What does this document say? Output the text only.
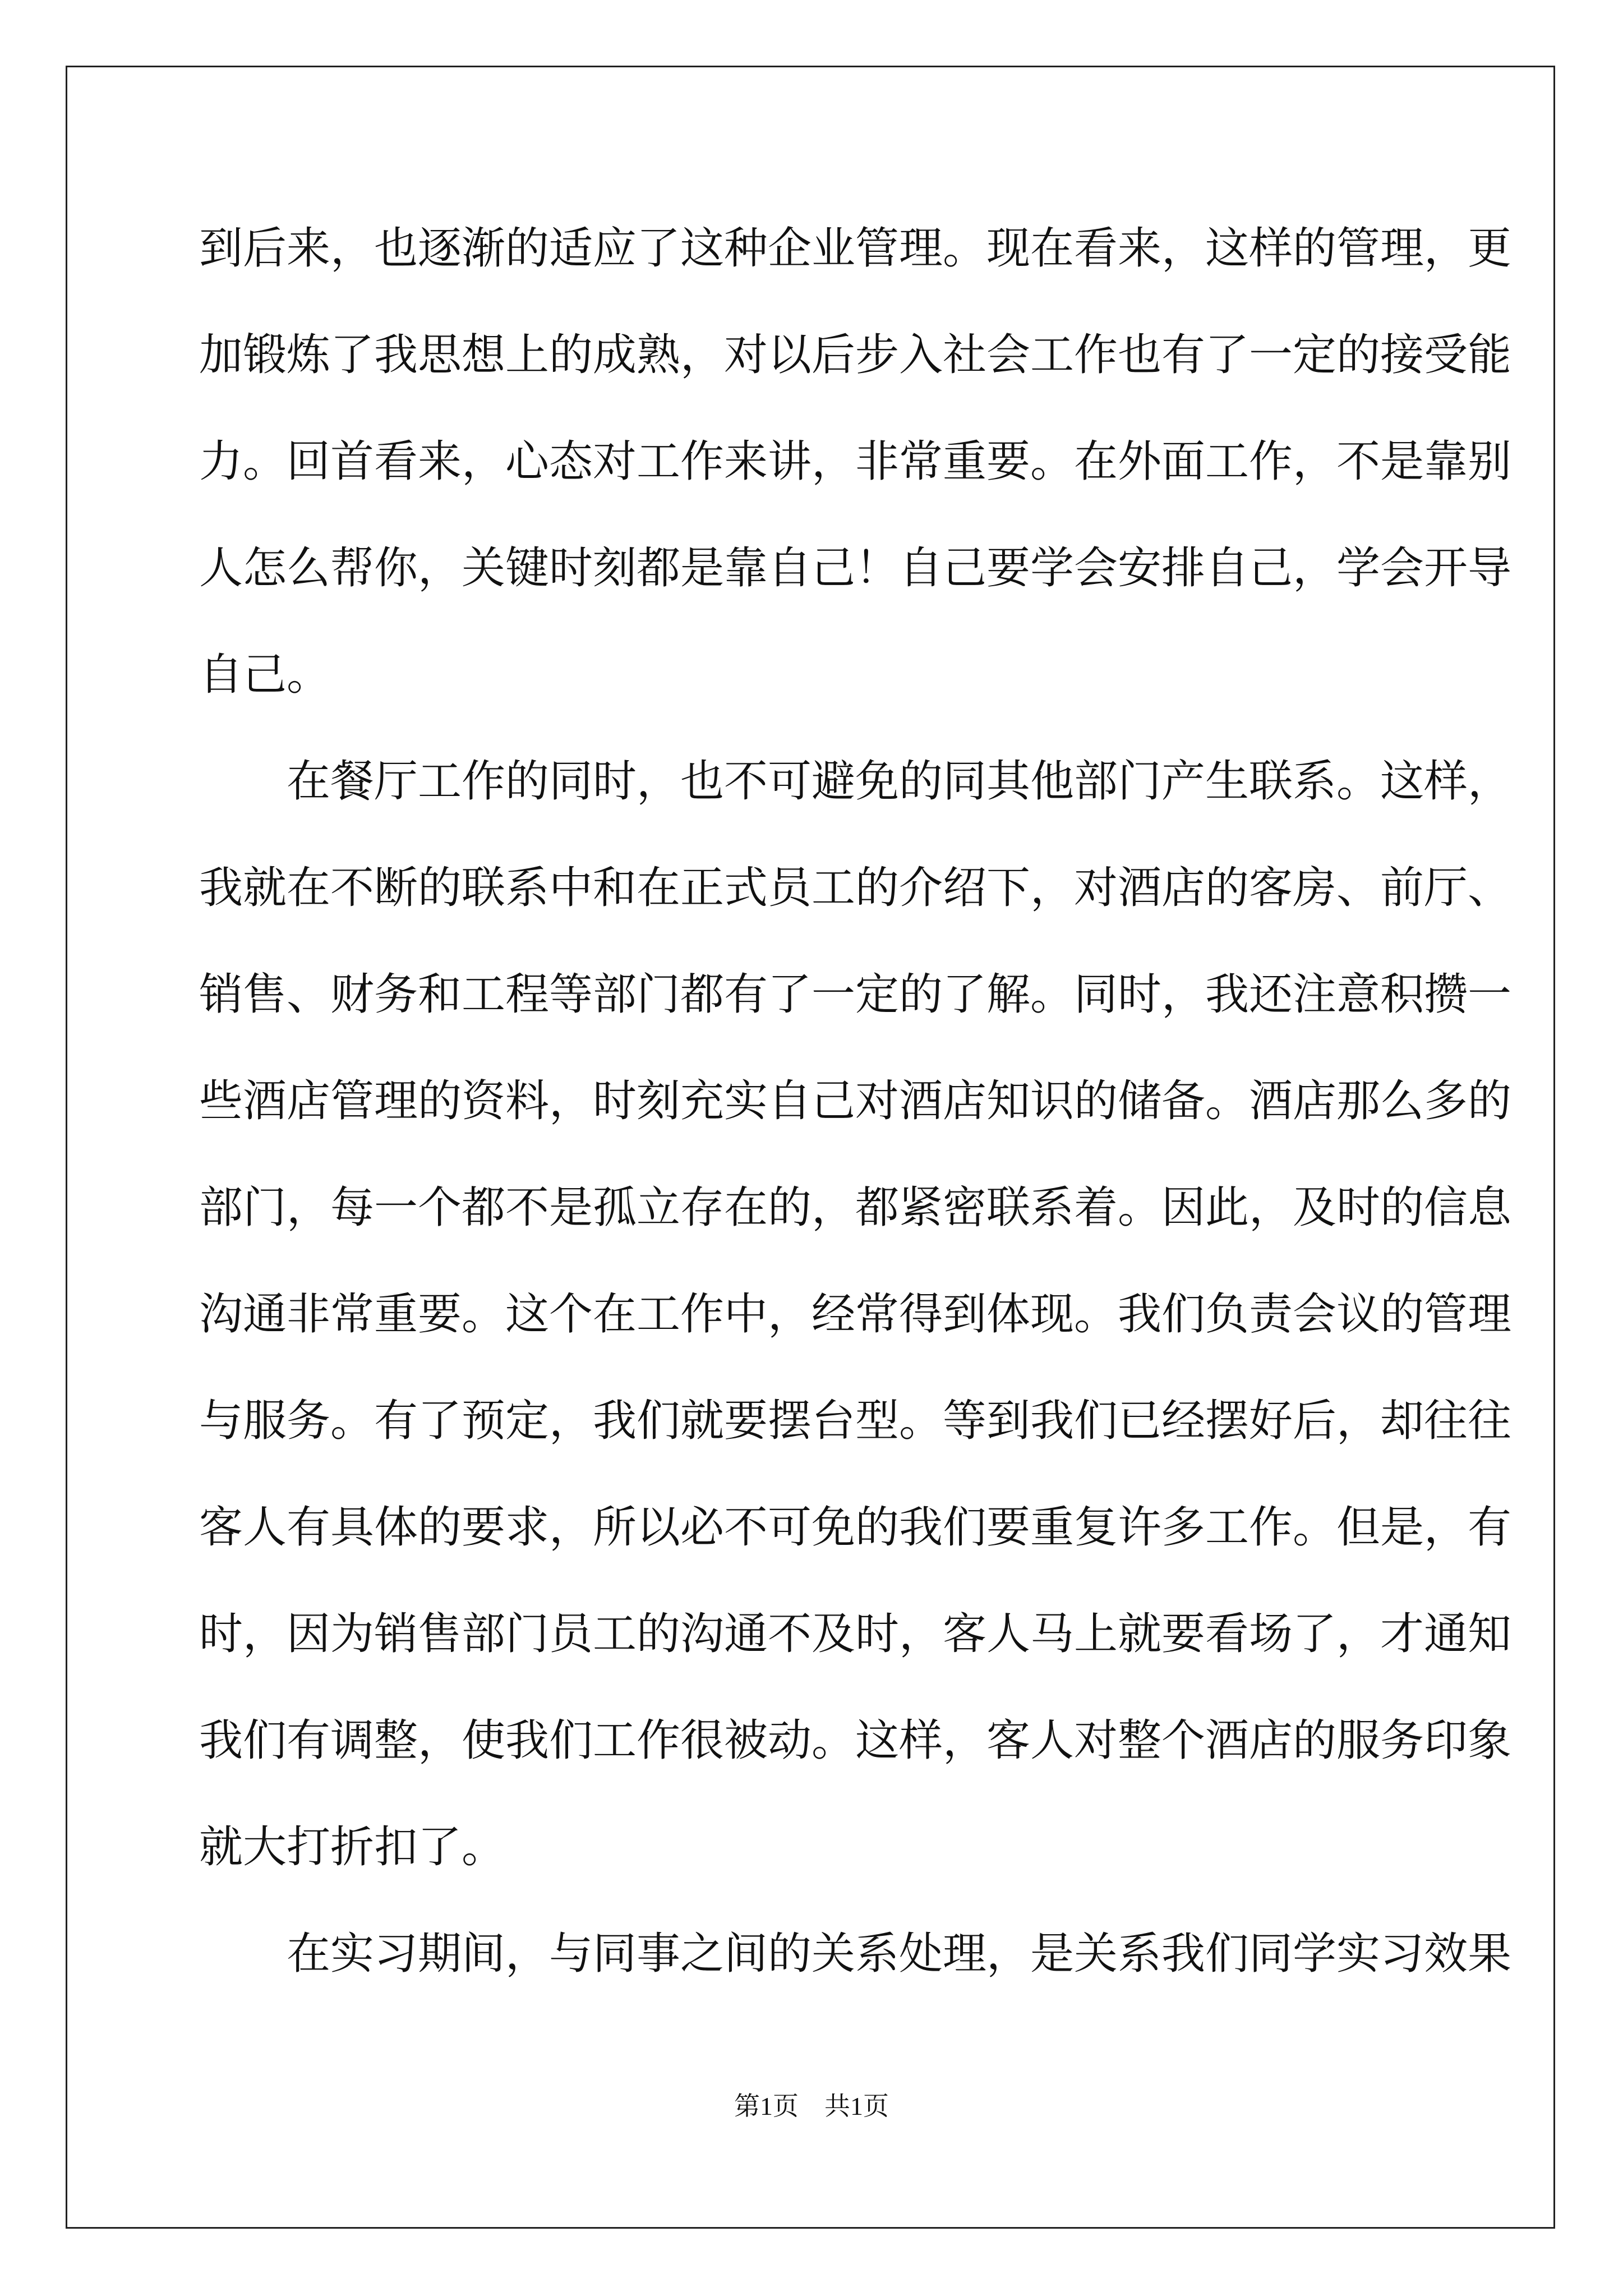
到后来，也逐渐的适应了这种企业管理。现在看来，这样的管理，更
加锻炼了我思想上的成熟，对以后步入社会工作也有了一定的接受能
力。回首看来，心态对工作来讲，非常重要。在外面工作，不是靠别
人怎么帮你，关键时刻都是靠自己！自己要学会安排自己，学会开导
自己。
　　在餐厅工作的同时，也不可避免的同其他部门产生联系。这样，
我就在不断的联系中和在正式员工的介绍下，对酒店的客房、前厅、
销售、财务和工程等部门都有了一定的了解。同时，我还注意积攒一
些酒店管理的资料，时刻充实自己对酒店知识的储备。酒店那么多的
部门，每一个都不是孤立存在的，都紧密联系着。因此，及时的信息
沟通非常重要。这个在工作中，经常得到体现。我们负责会议的管理
与服务。有了预定，我们就要摆台型。等到我们已经摆好后，却往往
客人有具体的要求，所以必不可免的我们要重复许多工作。但是，有
时，因为销售部门员工的沟通不及时，客人马上就要看场了，才通知
我们有调整，使我们工作很被动。这样，客人对整个酒店的服务印象
就大打折扣了。
　　在实习期间，与同事之间的关系处理，是关系我们同学实习效果
第1页　共1页
